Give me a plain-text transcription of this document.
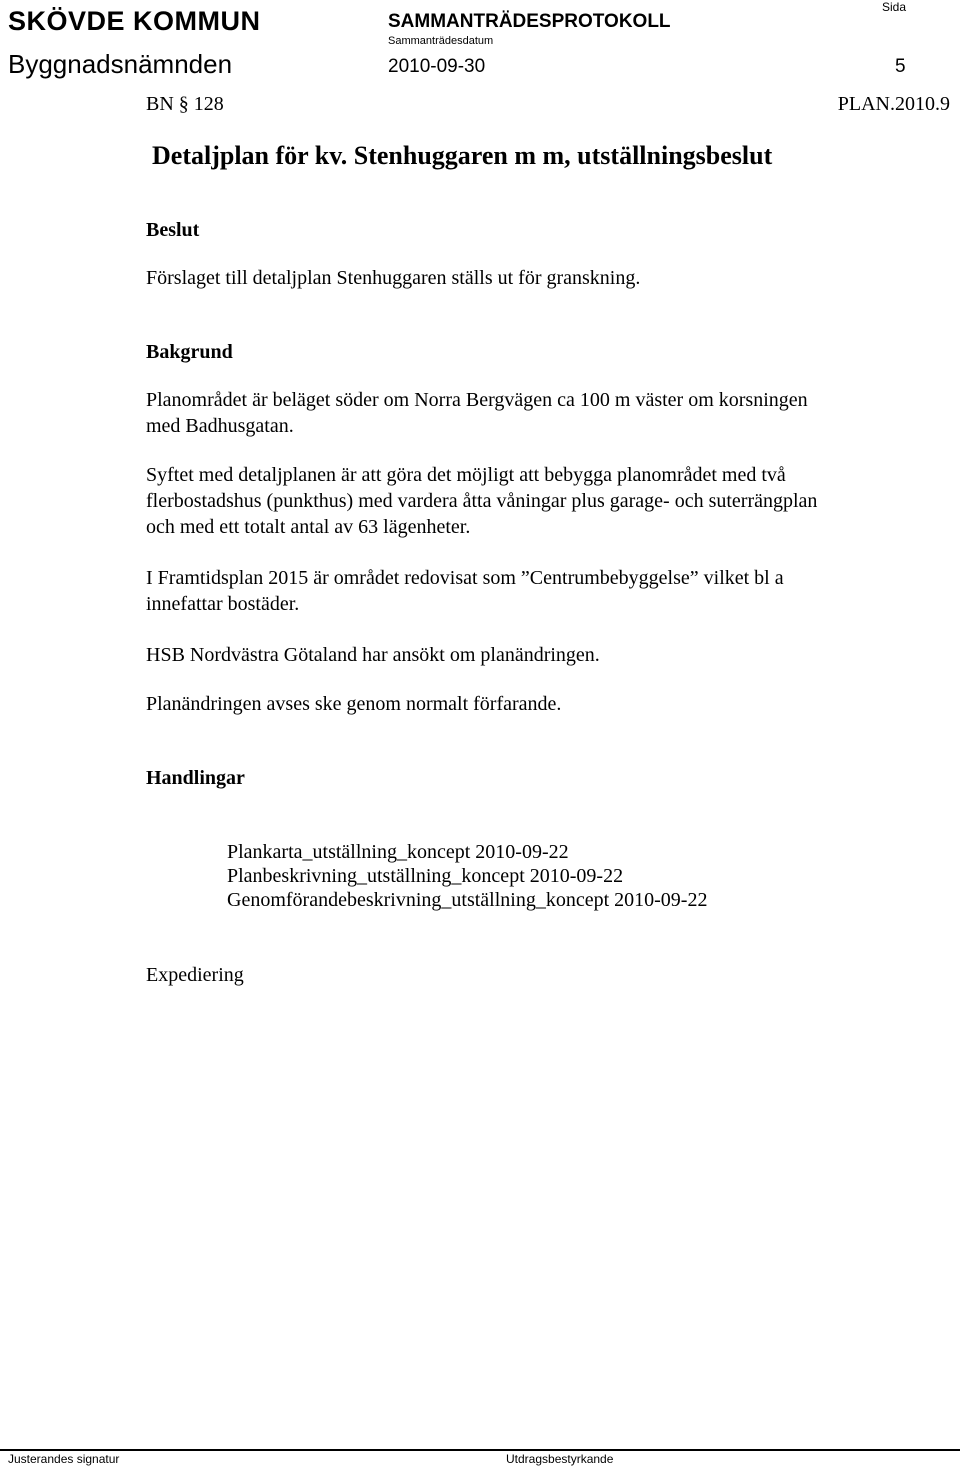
SKÖVDE KOMMUN	SAMMANTRÄDESPROTOKOLL
Sida
Sammanträdesdatum
Byggnadsnämnden	2010-09-30	5
BN § 128	PLAN.2010.9
Detaljplan för kv. Stenhuggaren m m, utställningsbeslut
Beslut
Förslaget till detaljplan Stenhuggaren ställs ut för granskning.
Bakgrund
Planområdet är beläget söder om Norra Bergvägen ca 100 m väster om korsningen
med Badhusgatan.
Syftet med detaljplanen är att göra det möjligt att bebygga planområdet med två
flerbostadshus (punkthus) med vardera åtta våningar plus garage- och suterrängplan
och med ett totalt antal av 63 lägenheter.
I Framtidsplan 2015 är området redovisat som ”Centrumbebyggelse” vilket bl a
innefattar bostäder.
HSB Nordvästra Götaland har ansökt om planändringen.
Planändringen avses ske genom normalt förfarande.
Handlingar
Plankarta_utställning_koncept 2010-09-22
Planbeskrivning_utställning_koncept 2010-09-22
Genomförandebeskrivning_utställning_koncept 2010-09-22
Expediering
Justerandes signatur	Utdragsbestyrkande
